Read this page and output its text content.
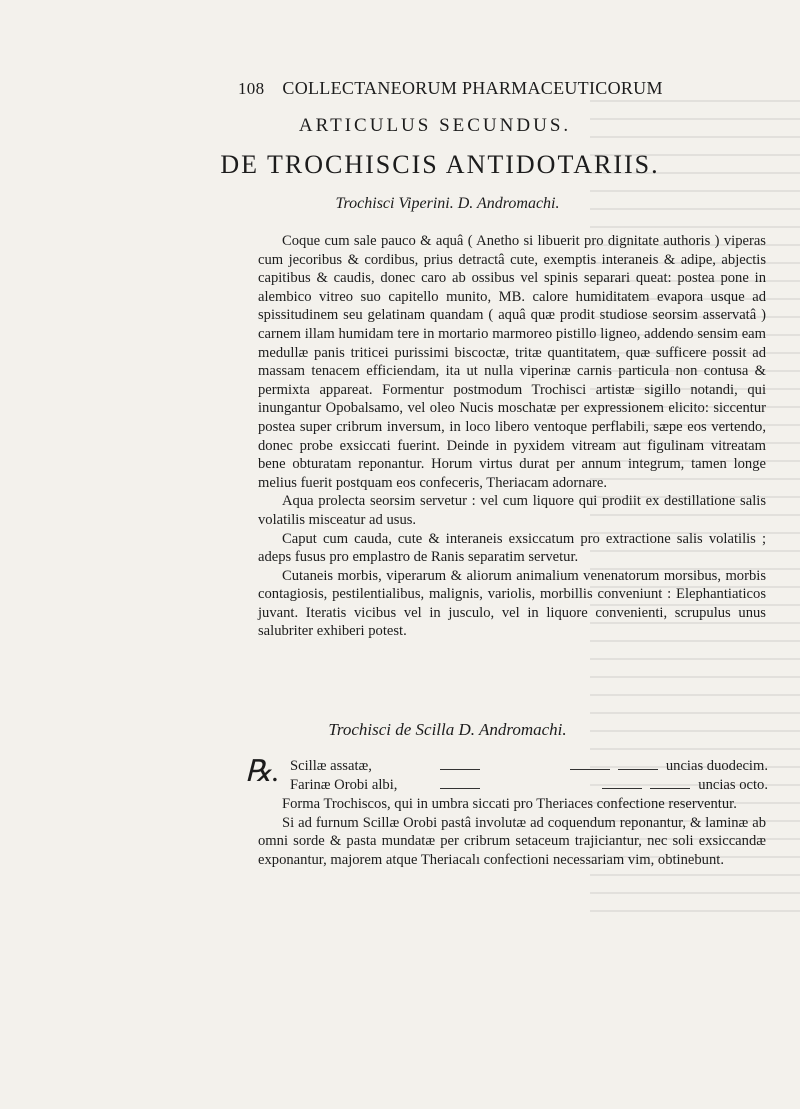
108 COLLECTANEORUM PHARMACEUTICORUM
ARTICULUS SECUNDUS.
DE TROCHISCIS ANTIDOTARIIS.
Trochisci Viperini. D. Andromachi.

Coque cum sale pauco & aquâ ( Anetho si libuerit pro dignitate authoris ) viperas cum jecoribus & cordibus, prius detractâ cute, exemptis interaneis & adipe, abjectis capitibus & caudis, donec caro ab ossibus vel spinis separari queat: postea pone in alembico vitreo suo capitello munito, MB. calore humiditatem evapora usque ad spissitudinem seu gelatinam quandam ( aquâ quæ prodit studiose seorsim asservatâ ) carnem illam humidam tere in mortario marmoreo pistillo ligneo, addendo sensim eam medullæ panis triticei purissimi biscoctæ, tritæ quantitatem, quæ sufficere possit ad massam tenacem efficiendam, ita ut nulla viperinæ carnis particula non contusa & permixta appareat. Formentur postmodum Trochisci artistæ sigillo notandi, qui inungantur Opobalsamo, vel oleo Nucis moschatæ per expressionem elicito: siccentur postea super cribrum inversum, in loco libero ventoque perflabili, sæpe eos vertendo, donec probe exsiccati fuerint. Deinde in pyxidem vitream aut figulinam vitreatam bene obturatam reponantur. Horum virtus durat per annum integrum, tamen longe melius fuerit postquam eos confeceris, Theriacam adornare.

Aqua prolecta seorsim servetur : vel cum liquore qui prodiit ex destillatione salis volatilis misceatur ad usus.

Caput cum cauda, cute & interaneis exsiccatum pro extractione salis volatilis ; adeps fusus pro emplastro de Ranis separatim servetur.

Cutaneis morbis, viperarum & aliorum animalium venenatorum morsibus, morbis contagiosis, pestilentialibus, malignis, variolis, morbillis conveniunt : Elephantiaticos juvant. Iteratis vicibus vel in jusculo, vel in liquore convenienti, scrupulus unus salubriter exhiberi potest.

Trochisci de Scilla D. Andromachi.
℞. Scillæ assatæ,	uncias duodecim.
Farinæ Orobi albi,	uncias octo.

Forma Trochiscos, qui in umbra siccati pro Theriaces confectione reserventur.

Si ad furnum Scillæ Orobi pastâ involutæ ad coquendum reponantur, & laminæ ab omni sorde & pasta mundatæ per cribrum setaceum trajiciantur, nec soli exsiccandæ exponantur, majorem atque Theriacalı confectioni necessariam vim, obtinebunt.
